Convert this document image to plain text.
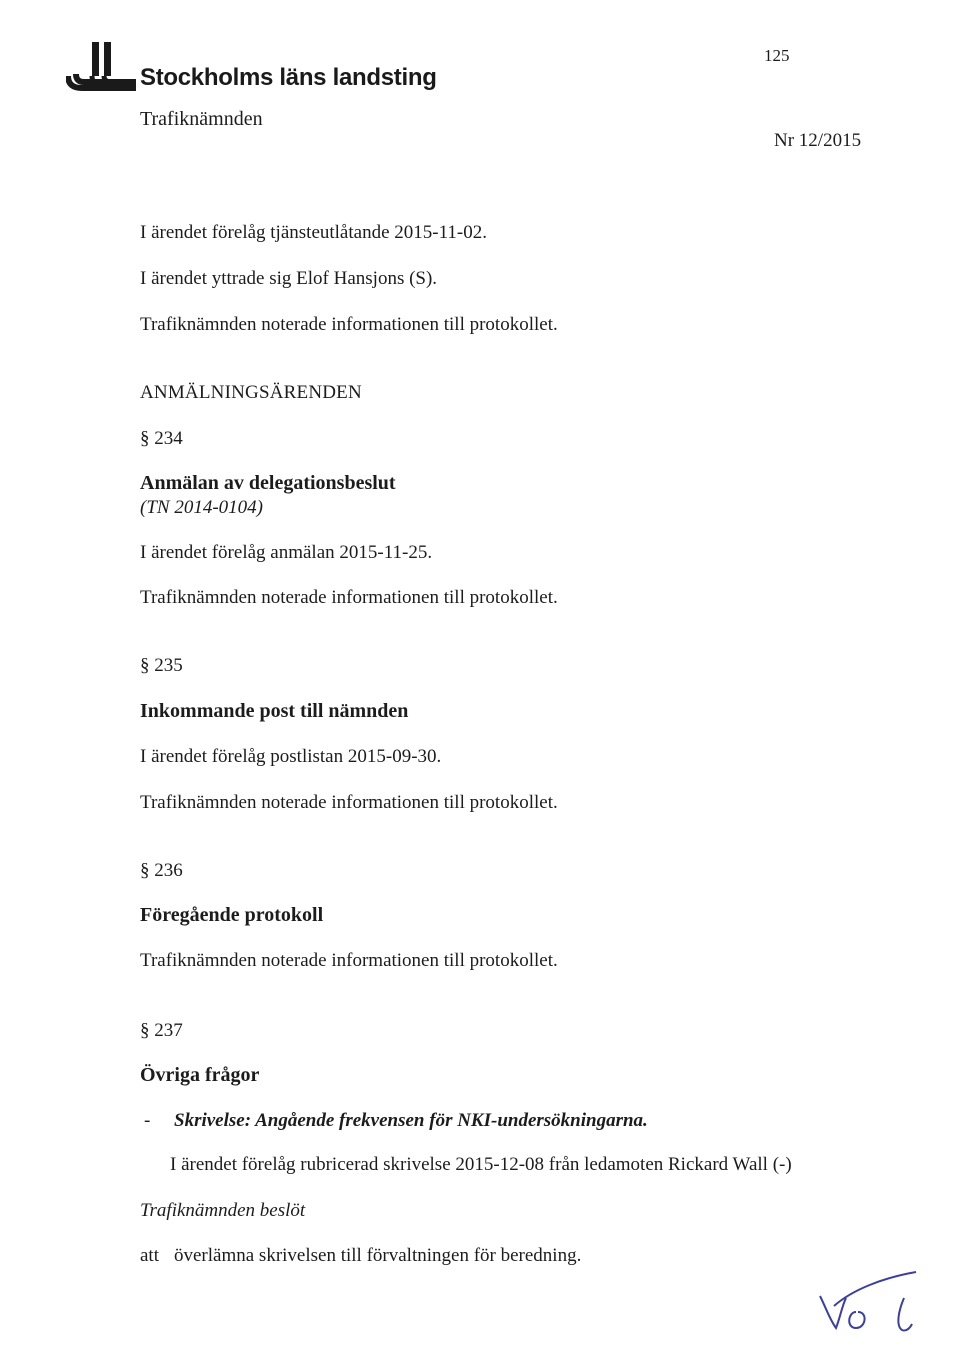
Stockholms läns landsting
125
Trafiknämnden
Nr 12/2015
I ärendet förelåg tjänsteutlåtande 2015-11-02.
I ärendet yttrade sig Elof Hansjons (S).
Trafiknämnden noterade informationen till protokollet.
ANMÄLNINGSÄRENDEN
§ 234
Anmälan av delegationsbeslut
(TN 2014-0104)
I ärendet förelåg anmälan 2015-11-25.
Trafiknämnden noterade informationen till protokollet.
§ 235
Inkommande post till nämnden
I ärendet förelåg postlistan 2015-09-30.
Trafiknämnden noterade informationen till protokollet.
§ 236
Föregående protokoll
Trafiknämnden noterade informationen till protokollet.
§ 237
Övriga frågor
- Skrivelse: Angående frekvensen för NKI-undersökningarna.
I ärendet förelåg rubricerad skrivelse 2015-12-08 från ledamoten Rickard Wall (-)
Trafiknämnden beslöt
att överlämna skrivelsen till förvaltningen för beredning.
